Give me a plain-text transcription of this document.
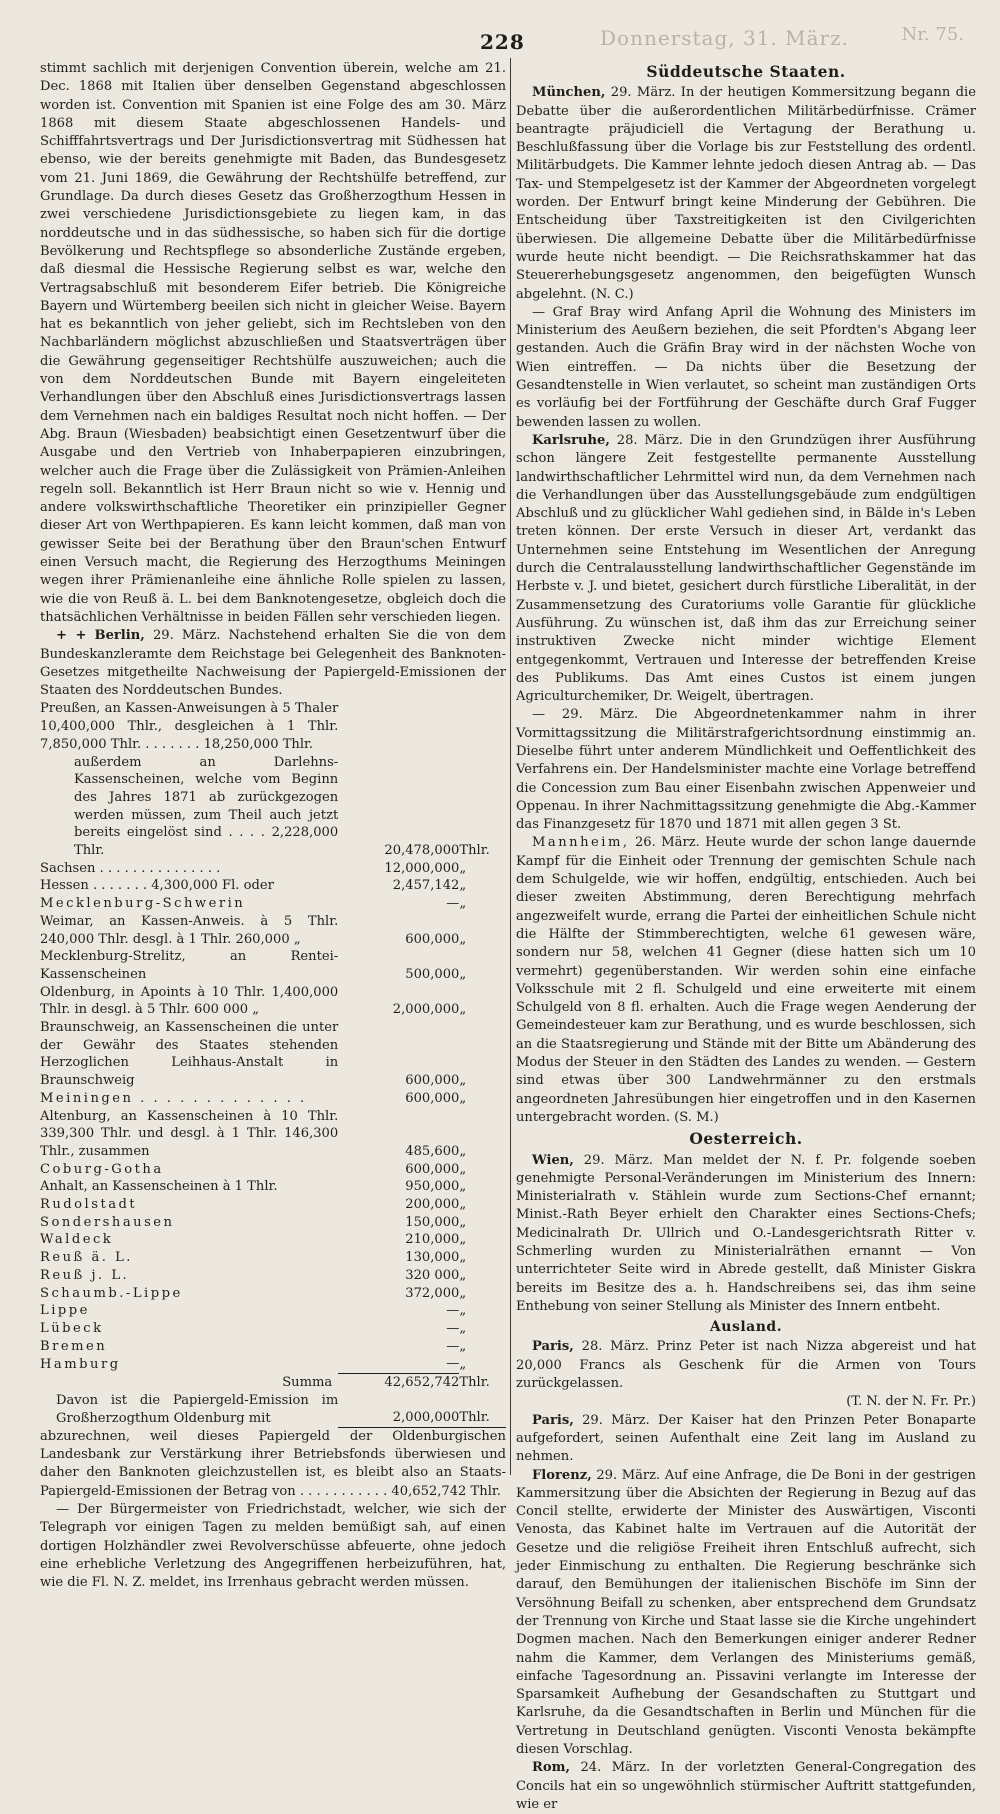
Donnerstag, 31. März.
228	Nr. 75.

stimmt sachlich mit derjenigen Convention überein, welche am 21. Dec. 1868 mit Italien über denselben Gegenstand abgeschlossen worden ist. Convention mit Spanien ist eine Folge des am 30. März 1868 mit diesem Staate abgeschlossenen Handels- und Schifffahrtsvertrags und Der Jurisdictionsvertrag mit Südhessen hat ebenso, wie der bereits genehmigte mit Baden, das Bundesgesetz vom 21. Juni 1869, die Gewährung der Rechtshülfe betreffend, zur Grundlage. Da durch dieses Gesetz das Großherzogthum Hessen in zwei verschiedene Jurisdictionsgebiete zu liegen kam, in das norddeutsche und in das südhessische, so haben sich für die dortige Bevölkerung und Rechtspflege so absonderliche Zustände ergeben, daß diesmal die Hessische Regierung selbst es war, welche den Vertragsabschluß mit besonderem Eifer betrieb. Die Königreiche Bayern und Würtemberg beeilen sich nicht in gleicher Weise. Bayern hat es bekanntlich von jeher geliebt, sich im Rechtsleben von den Nachbarländern möglichst abzuschließen und Staatsverträgen über die Gewährung gegenseitiger Rechtshülfe auszuweichen; auch die von dem Norddeutschen Bunde mit Bayern eingeleiteten Verhandlungen über den Abschluß eines Jurisdictionsvertrags lassen dem Vernehmen nach ein baldiges Resultat noch nicht hoffen. — Der Abg. Braun (Wiesbaden) beabsichtigt einen Gesetzentwurf über die Ausgabe und den Vertrieb von Inhaberpapieren einzubringen, welcher auch die Frage über die Zulässigkeit von Prämien-Anleihen regeln soll. Bekanntlich ist Herr Braun nicht so wie v. Hennig und andere volkswirthschaftliche Theoretiker ein prinzipieller Gegner dieser Art von Werthpapieren. Es kann leicht kommen, daß man von gewisser Seite bei der Berathung über den Braun'schen Entwurf einen Versuch macht, die Regierung des Herzogthums Meiningen wegen ihrer Prämienanleihe eine ähnliche Rolle spielen zu lassen, wie die von Reuß ä. L. bei dem Banknotengesetze, obgleich doch die thatsächlichen Verhältnisse in beiden Fällen sehr verschieden liegen.

+ + Berlin, 29. März. Nachstehend erhalten Sie die von dem Bundeskanzleramte dem Reichstage bei Gelegenheit des Banknoten-Gesetzes mitgetheilte Nachweisung der Papiergeld-Emissionen der Staaten des Norddeutschen Bundes.

Preußen, an Kassen-Anweisungen à 5 Thaler 10,400,000 Thlr., desgleichen à 1 Thlr. 7,850,000 Thlr. . . . . . . . 18,250,000 Thlr.
außerdem an Darlehns-Kassenscheinen, welche vom Beginn des Jahres 1871 ab zurückgezogen werden müssen, zum Theil auch jetzt bereits eingelöst sind . . . . 2,228,000 Thlr.	20,478,000	Thlr.
Sachsen . . . . . . . . . . . . . . .	12,000,000	„
Hessen . . . . . . . 4,300,000 Fl. oder	2,457,142	„
Mecklenburg-Schwerin	—	„
Weimar, an Kassen-Anweis. à 5 Thlr. 240,000 Thlr. desgl. à 1 Thlr. 260,000 „	600,000	„
Mecklenburg-Strelitz, an Rentei-Kassenscheinen	500,000	„
Oldenburg, in Apoints à 10 Thlr. 1,400,000 Thlr. in desgl. à 5 Thlr. 600 000 „	2,000,000	„
Braunschweig, an Kassenscheinen die unter der Gewähr des Staates stehenden Herzoglichen Leihhaus-Anstalt in Braunschweig	600,000	„
Meiningen . . . . . . . . . . . . .	600,000	„
Altenburg, an Kassenscheinen à 10 Thlr. 339,300 Thlr. und desgl. à 1 Thlr. 146,300 Thlr., zusammen	485,600	„
Coburg-Gotha	600,000	„
Anhalt, an Kassenscheinen à 1 Thlr.	950,000	„
Rudolstadt	200,000	„
Sondershausen	150,000	„
Waldeck	210,000	„
Reuß ä. L.	130,000	„
Reuß j. L.	320 000	„
Schaumb.-Lippe	372,000	„
Lippe	—	„
Lübeck	—	„
Bremen	—	„
Hamburg	—	„
Summa	42,652,742	Thlr.
Davon ist die Papiergeld-Emission im Großherzogthum Oldenburg mit	2,000,000	Thlr.

abzurechnen, weil dieses Papiergeld der Oldenburgischen Landesbank zur Verstärkung ihrer Betriebsfonds überwiesen und daher den Banknoten gleichzustellen ist, es bleibt also an Staats-Papiergeld-Emissionen der Betrag von . . . . . . . . . . . 40,652,742 Thlr.

— Der Bürgermeister von Friedrichstadt, welcher, wie sich der Telegraph vor einigen Tagen zu melden bemüßigt sah, auf einen dortigen Holzhändler zwei Revolverschüsse abfeuerte, ohne jedoch eine erhebliche Verletzung des Angegriffenen herbeizuführen, hat, wie die Fl. N. Z. meldet, ins Irrenhaus gebracht werden müssen.

Süddeutsche Staaten.

München, 29. März. In der heutigen Kommersitzung begann die Debatte über die außerordentlichen Militärbedürfnisse. Crämer beantragte präjudiciell die Vertagung der Berathung u. Beschlußfassung über die Vorlage bis zur Feststellung des ordentl. Militärbudgets. Die Kammer lehnte jedoch diesen Antrag ab. — Das Tax- und Stempelgesetz ist der Kammer der Abgeordneten vorgelegt worden. Der Entwurf bringt keine Minderung der Gebühren. Die Entscheidung über Taxstreitigkeiten ist den Civilgerichten überwiesen. Die allgemeine Debatte über die Militärbedürfnisse wurde heute nicht beendigt. — Die Reichsrathskammer hat das Steuererhebungsgesetz angenommen, den beigefügten Wunsch abgelehnt. (N. C.)

— Graf Bray wird Anfang April die Wohnung des Ministers im Ministerium des Aeußern beziehen, die seit Pfordten's Abgang leer gestanden. Auch die Gräfin Bray wird in der nächsten Woche von Wien eintreffen. — Da nichts über die Besetzung der Gesandtenstelle in Wien verlautet, so scheint man zuständigen Orts es vorläufig bei der Fortführung der Geschäfte durch Graf Fugger bewenden lassen zu wollen.

Karlsruhe, 28. März. Die in den Grundzügen ihrer Ausführung schon längere Zeit festgestellte permanente Ausstellung landwirthschaftlicher Lehrmittel wird nun, da dem Vernehmen nach die Verhandlungen über das Ausstellungsgebäude zum endgültigen Abschluß und zu glücklicher Wahl gediehen sind, in Bälde in's Leben treten können. Der erste Versuch in dieser Art, verdankt das Unternehmen seine Entstehung im Wesentlichen der Anregung durch die Centralausstellung landwirthschaftlicher Gegenstände im Herbste v. J. und bietet, gesichert durch fürstliche Liberalität, in der Zusammensetzung des Curatoriums volle Garantie für glückliche Ausführung. Zu wünschen ist, daß ihm das zur Erreichung seiner instruktiven Zwecke nicht minder wichtige Element entgegenkommt, Vertrauen und Interesse der betreffenden Kreise des Publikums. Das Amt eines Custos ist einem jungen Agriculturchemiker, Dr. Weigelt, übertragen.

— 29. März. Die Abgeordnetenkammer nahm in ihrer Vormittagssitzung die Militärstrafgerichtsordnung einstimmig an. Dieselbe führt unter anderem Mündlichkeit und Oeffentlichkeit des Verfahrens ein. Der Handelsminister machte eine Vorlage betreffend die Concession zum Bau einer Eisenbahn zwischen Appenweier und Oppenau. In ihrer Nachmittagssitzung genehmigte die Abg.-Kammer das Finanzgesetz für 1870 und 1871 mit allen gegen 3 St.

Mannheim, 26. März. Heute wurde der schon lange dauernde Kampf für die Einheit oder Trennung der gemischten Schule nach dem Schulgelde, wie wir hoffen, endgültig, entschieden. Auch bei dieser zweiten Abstimmung, deren Berechtigung mehrfach angezweifelt wurde, errang die Partei der einheitlichen Schule nicht die Hälfte der Stimmberechtigten, welche 61 gewesen wäre, sondern nur 58, welchen 41 Gegner (diese hatten sich um 10 vermehrt) gegenüberstanden. Wir werden sohin eine einfache Volksschule mit 2 fl. Schulgeld und eine erweiterte mit einem Schulgeld von 8 fl. erhalten. Auch die Frage wegen Aenderung der Gemeindesteuer kam zur Berathung, und es wurde beschlossen, sich an die Staatsregierung und Stände mit der Bitte um Abänderung des Modus der Steuer in den Städten des Landes zu wenden. — Gestern sind etwas über 300 Landwehrmänner zu den erstmals angeordneten Jahresübungen hier eingetroffen und in den Kasernen untergebracht worden. (S. M.)

Oesterreich.

Wien, 29. März. Man meldet der N. f. Pr. folgende soeben genehmigte Personal-Veränderungen im Ministerium des Innern: Ministerialrath v. Stählein wurde zum Sections-Chef ernannt; Minist.-Rath Beyer erhielt den Charakter eines Sections-Chefs; Medicinalrath Dr. Ullrich und O.-Landesgerichtsrath Ritter v. Schmerling wurden zu Ministerialräthen ernannt — Von unterrichteter Seite wird in Abrede gestellt, daß Minister Giskra bereits im Besitze des a. h. Handschreibens sei, das ihm seine Enthebung von seiner Stellung als Minister des Innern entbeht.

Ausland.

Paris, 28. März. Prinz Peter ist nach Nizza abgereist und hat 20,000 Francs als Geschenk für die Armen von Tours zurückgelassen.

(T. N. der N. Fr. Pr.)

Paris, 29. März. Der Kaiser hat den Prinzen Peter Bonaparte aufgefordert, seinen Aufenthalt eine Zeit lang im Ausland zu nehmen.

Florenz, 29. März. Auf eine Anfrage, die De Boni in der gestrigen Kammersitzung über die Absichten der Regierung in Bezug auf das Concil stellte, erwiderte der Minister des Auswärtigen, Visconti Venosta, das Kabinet halte im Vertrauen auf die Autorität der Gesetze und die religiöse Freiheit ihren Entschluß aufrecht, sich jeder Einmischung zu enthalten. Die Regierung beschränke sich darauf, den Bemühungen der italienischen Bischöfe im Sinn der Versöhnung Beifall zu schenken, aber entsprechend dem Grundsatz der Trennung von Kirche und Staat lasse sie die Kirche ungehindert Dogmen machen. Nach den Bemerkungen einiger anderer Redner nahm die Kammer, dem Verlangen des Ministeriums gemäß, einfache Tagesordnung an. Pissavini verlangte im Interesse der Sparsamkeit Aufhebung der Gesandschaften zu Stuttgart und Karlsruhe, da die Gesandtschaften in Berlin und München für die Vertretung in Deutschland genügten. Visconti Venosta bekämpfte diesen Vorschlag.

Rom, 24. März. In der vorletzten General-Congregation des Concils hat ein so ungewöhnlich stürmischer Auftritt stattgefunden, wie er
